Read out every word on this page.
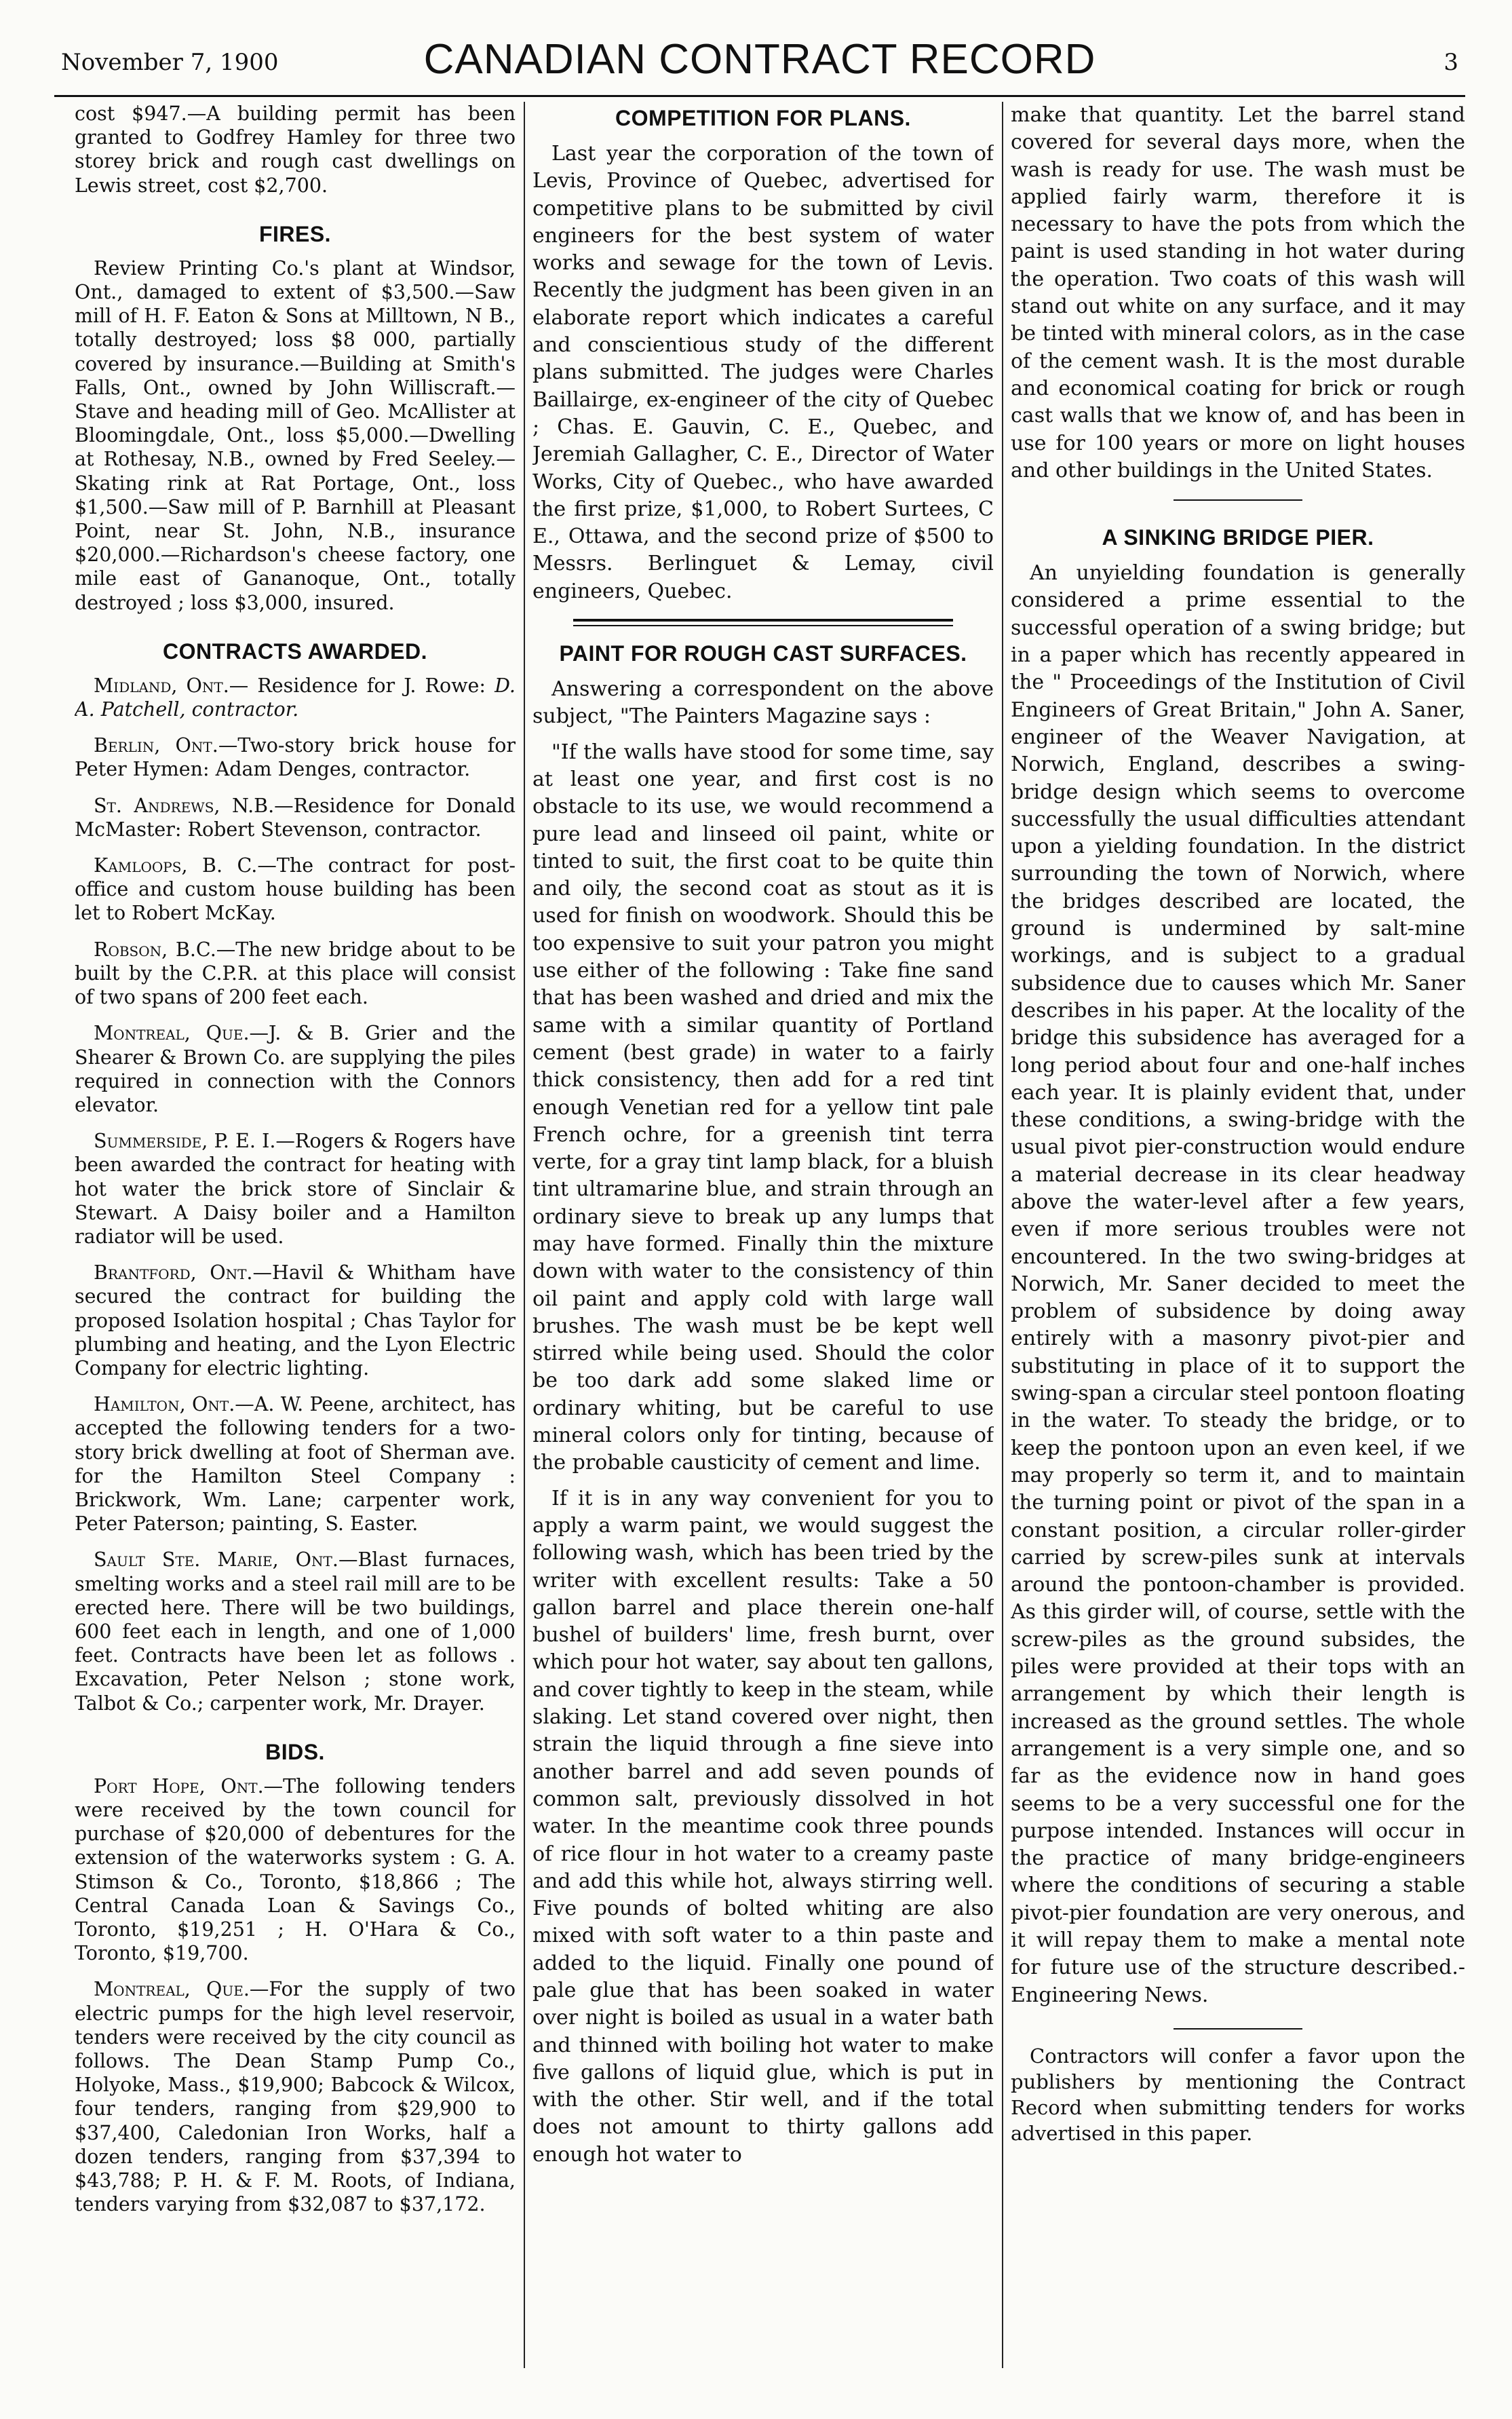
November 7, 1900	CANADIAN CONTRACT RECORD	3

cost $947.—A building permit has been granted to Godfrey Hamley for three two storey brick and rough cast dwellings on Lewis street, cost $2,700.

FIRES.

Review Printing Co.'s plant at Windsor, Ont., damaged to extent of $3,500.—Saw mill of H. F. Eaton & Sons at Milltown, N B., totally destroyed; loss $8 000, partially covered by insurance.—Building at Smith's Falls, Ont., owned by John Williscraft.—Stave and heading mill of Geo. McAllister at Bloomingdale, Ont., loss $5,000.—Dwelling at Rothesay, N.B., owned by Fred Seeley.—Skating rink at Rat Portage, Ont., loss $1,500.—Saw mill of P. Barnhill at Pleasant Point, near St. John, N.B., insurance $20,000.—Richardson's cheese factory, one mile east of Gananoque, Ont., totally destroyed ; loss $3,000, insured.

CONTRACTS AWARDED.

Midland, Ont.— Residence for J. Rowe: D. A. Patchell, contractor.

Berlin, Ont.—Two-story brick house for Peter Hymen: Adam Denges, contractor.

St. Andrews, N.B.—Residence for Donald McMaster: Robert Stevenson, contractor.

Kamloops, B. C.—The contract for post-office and custom house building has been let to Robert McKay.

Robson, B.C.—The new bridge about to be built by the C.P.R. at this place will consist of two spans of 200 feet each.

Montreal, Que.—J. & B. Grier and the Shearer & Brown Co. are supplying the piles required in connection with the Connors elevator.

Summerside, P. E. I.—Rogers & Rogers have been awarded the contract for heating with hot water the brick store of Sinclair & Stewart. A Daisy boiler and a Hamilton radiator will be used.

Brantford, Ont.—Havil & Whitham have secured the contract for building the proposed Isolation hospital ; Chas Taylor for plumbing and heating, and the Lyon Electric Company for electric lighting.

Hamilton, Ont.—A. W. Peene, architect, has accepted the following tenders for a two-story brick dwelling at foot of Sherman ave. for the Hamilton Steel Company : Brickwork, Wm. Lane; carpenter work, Peter Paterson; painting, S. Easter.

Sault Ste. Marie, Ont.—Blast furnaces, smelting works and a steel rail mill are to be erected here. There will be two buildings, 600 feet each in length, and one of 1,000 feet. Contracts have been let as follows . Excavation, Peter Nelson ; stone work, Talbot & Co.; carpenter work, Mr. Drayer.

BIDS.

Port Hope, Ont.—The following tenders were received by the town council for purchase of $20,000 of debentures for the extension of the waterworks system : G. A. Stimson & Co., Toronto, $18,866 ; The Central Canada Loan & Savings Co., Toronto, $19,251 ; H. O'Hara & Co., Toronto, $19,700.

Montreal, Que.—For the supply of two electric pumps for the high level reservoir, tenders were received by the city council as follows. The Dean Stamp Pump Co., Holyoke, Mass., $19,900; Babcock & Wilcox, four tenders, ranging from $29,900 to $37,400, Caledonian Iron Works, half a dozen tenders, ranging from $37,394 to $43,788; P. H. & F. M. Roots, of Indiana, tenders varying from $32,087 to $37,172.

COMPETITION FOR PLANS.

Last year the corporation of the town of Levis, Province of Quebec, advertised for competitive plans to be submitted by civil engineers for the best system of water works and sewage for the town of Levis. Recently the judgment has been given in an elaborate report which indicates a careful and conscientious study of the different plans submitted. The judges were Charles Baillairge, ex-engineer of the city of Quebec ; Chas. E. Gauvin, C. E., Quebec, and Jeremiah Gallagher, C. E., Director of Water Works, City of Quebec., who have awarded the first prize, $1,000, to Robert Surtees, C E., Ottawa, and the second prize of $500 to Messrs. Berlinguet & Lemay, civil engineers, Quebec.

PAINT FOR ROUGH CAST SURFACES.

Answering a correspondent on the above subject, "The Painters Magazine says :

"If the walls have stood for some time, say at least one year, and first cost is no obstacle to its use, we would recommend a pure lead and linseed oil paint, white or tinted to suit, the first coat to be quite thin and oily, the second coat as stout as it is used for finish on woodwork. Should this be too expensive to suit your patron you might use either of the following : Take fine sand that has been washed and dried and mix the same with a similar quantity of Portland cement (best grade) in water to a fairly thick consistency, then add for a red tint enough Venetian red for a yellow tint pale French ochre, for a greenish tint terra verte, for a gray tint lamp black, for a bluish tint ultramarine blue, and strain through an ordinary sieve to break up any lumps that may have formed. Finally thin the mixture down with water to the consistency of thin oil paint and apply cold with large wall brushes. The wash must be be kept well stirred while being used. Should the color be too dark add some slaked lime or ordinary whiting, but be careful to use mineral colors only for tinting, because of the probable causticity of cement and lime.

If it is in any way convenient for you to apply a warm paint, we would suggest the following wash, which has been tried by the writer with excellent results: Take a 50 gallon barrel and place therein one-half bushel of builders' lime, fresh burnt, over which pour hot water, say about ten gallons, and cover tightly to keep in the steam, while slaking. Let stand covered over night, then strain the liquid through a fine sieve into another barrel and add seven pounds of common salt, previously dissolved in hot water. In the meantime cook three pounds of rice flour in hot water to a creamy paste and add this while hot, always stirring well. Five pounds of bolted whiting are also mixed with soft water to a thin paste and added to the liquid. Finally one pound of pale glue that has been soaked in water over night is boiled as usual in a water bath and thinned with boiling hot water to make five gallons of liquid glue, which is put in with the other. Stir well, and if the total does not amount to thirty gallons add enough hot water to

make that quantity. Let the barrel stand covered for several days more, when the wash is ready for use. The wash must be applied fairly warm, therefore it is necessary to have the pots from which the paint is used standing in hot water during the operation. Two coats of this wash will stand out white on any surface, and it may be tinted with mineral colors, as in the case of the cement wash. It is the most durable and economical coating for brick or rough cast walls that we know of, and has been in use for 100 years or more on light houses and other buildings in the United States.

A SINKING BRIDGE PIER.

An unyielding foundation is generally considered a prime essential to the successful operation of a swing bridge; but in a paper which has recently appeared in the " Proceedings of the Institution of Civil Engineers of Great Britain," John A. Saner, engineer of the Weaver Navigation, at Norwich, England, describes a swing-bridge design which seems to overcome successfully the usual difficulties attendant upon a yielding foundation. In the district surrounding the town of Norwich, where the bridges described are located, the ground is undermined by salt-mine workings, and is subject to a gradual subsidence due to causes which Mr. Saner describes in his paper. At the locality of the bridge this subsidence has averaged for a long period about four and one-half inches each year. It is plainly evident that, under these conditions, a swing-bridge with the usual pivot pier-construction would endure a material decrease in its clear headway above the water-level after a few years, even if more serious troubles were not encountered. In the two swing-bridges at Norwich, Mr. Saner decided to meet the problem of subsidence by doing away entirely with a masonry pivot-pier and substituting in place of it to support the swing-span a circular steel pontoon floating in the water. To steady the bridge, or to keep the pontoon upon an even keel, if we may properly so term it, and to maintain the turning point or pivot of the span in a constant position, a circular roller-girder carried by screw-piles sunk at intervals around the pontoon-chamber is provided. As this girder will, of course, settle with the screw-piles as the ground subsides, the piles were provided at their tops with an arrangement by which their length is increased as the ground settles. The whole arrangement is a very simple one, and so far as the evidence now in hand goes seems to be a very successful one for the purpose intended. Instances will occur in the practice of many bridge-engineers where the conditions of securing a stable pivot-pier foundation are very onerous, and it will repay them to make a mental note for future use of the structure described.- Engineering News.

Contractors will confer a favor upon the publishers by mentioning the Contract Record when submitting tenders for works advertised in this paper.
